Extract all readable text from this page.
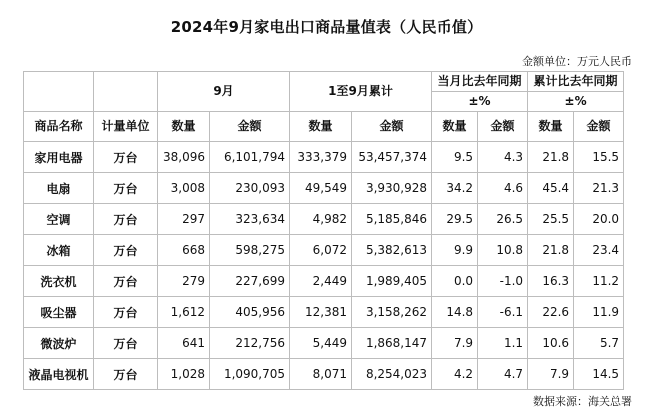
2024年9月家电出口商品量值表（人民币值）
金额单位：万元人民币
		9月		1至9月累计		当月比去年同期		累计比去年同期	
						±%		±%	
商品名称	计量单位	数量	金额	数量	金额	数量	金额	数量	金额
家用电器	万台	38,096	6,101,794	333,379	53,457,374	9.5	4.3	21.8	15.5
电扇	万台	3,008	230,093	49,549	3,930,928	34.2	4.6	45.4	21.3
空调	万台	297	323,634	4,982	5,185,846	29.5	26.5	25.5	20.0
冰箱	万台	668	598,275	6,072	5,382,613	9.9	10.8	21.8	23.4
洗衣机	万台	279	227,699	2,449	1,989,405	0.0	-1.0	16.3	11.2
吸尘器	万台	1,612	405,956	12,381	3,158,262	14.8	-6.1	22.6	11.9
微波炉	万台	641	212,756	5,449	1,868,147	7.9	1.1	10.6	5.7
液晶电视机	万台	1,028	1,090,705	8,071	8,254,023	4.2	4.7	7.9	14.5
数据来源：海关总署
